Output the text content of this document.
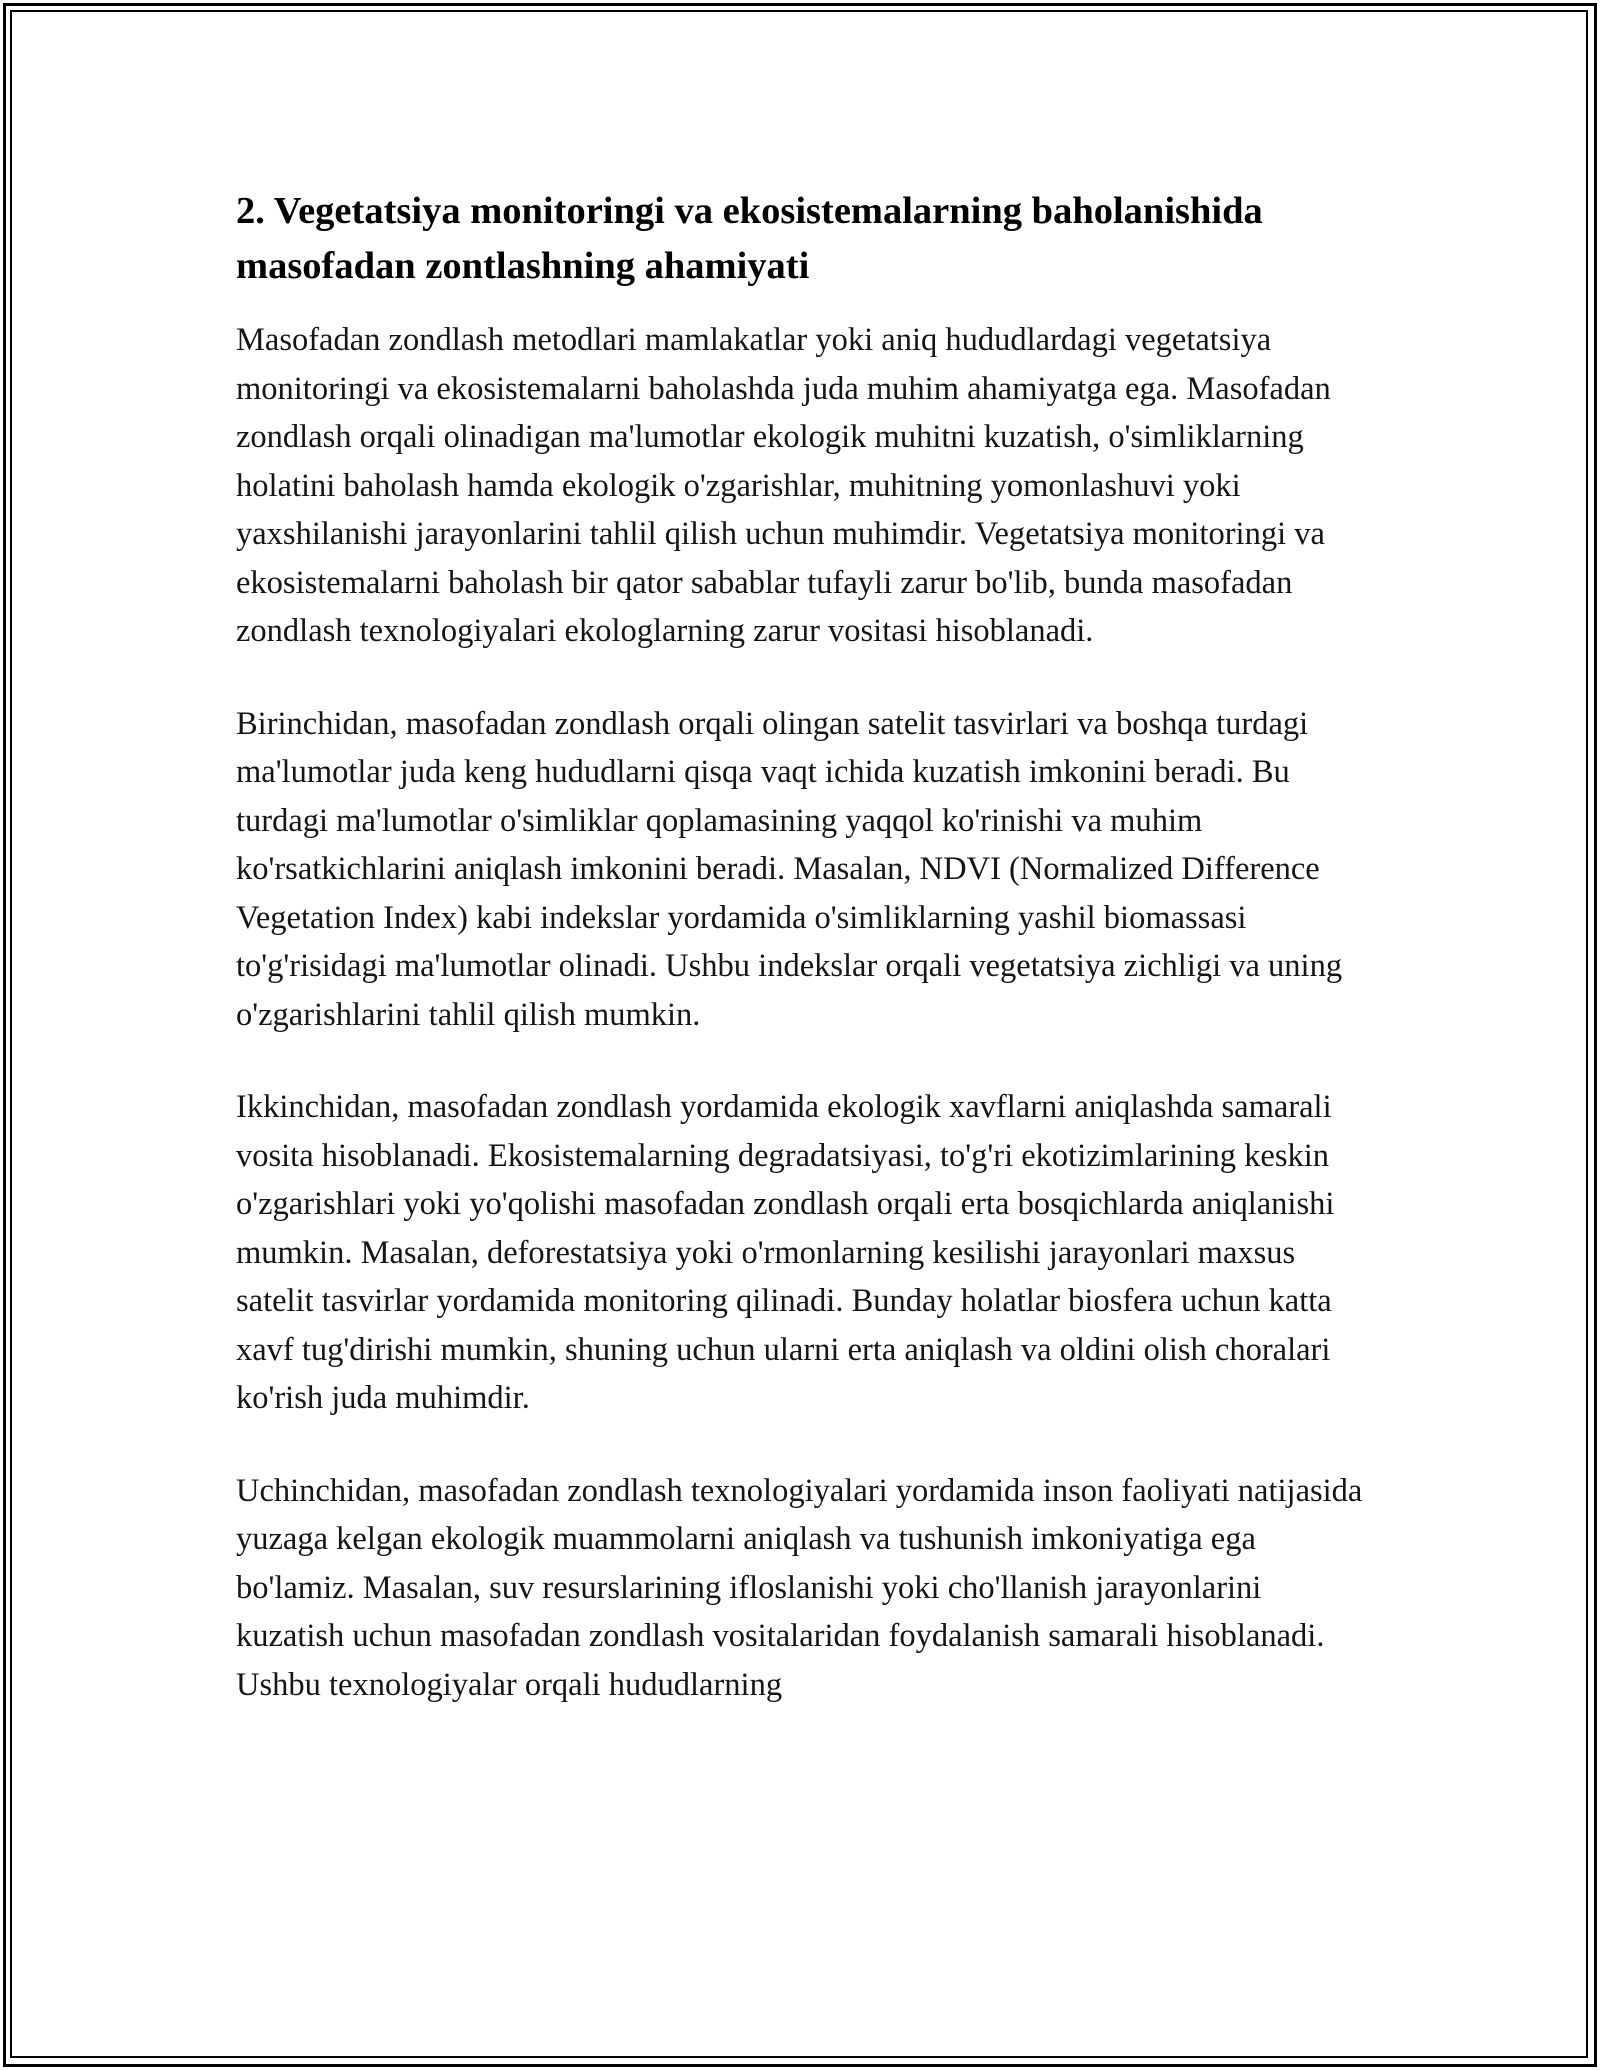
2. Vegetatsiya monitoringi va ekosistemalarning baholanishida masofadan zontlashning ahamiyati

Masofadan zondlash metodlari mamlakatlar yoki aniq hududlardagi vegetatsiya monitoringi va ekosistemalarni baholashda juda muhim ahamiyatga ega. Masofadan zondlash orqali olinadigan ma'lumotlar ekologik muhitni kuzatish, o'simliklarning holatini baholash hamda ekologik o'zgarishlar, muhitning yomonlashuvi yoki yaxshilanishi jarayonlarini tahlil qilish uchun muhimdir. Vegetatsiya monitoringi va ekosistemalarni baholash bir qator sabablar tufayli zarur bo'lib, bunda masofadan zondlash texnologiyalari ekologlarning zarur vositasi hisoblanadi.

Birinchidan, masofadan zondlash orqali olingan satelit tasvirlari va boshqa turdagi ma'lumotlar juda keng hududlarni qisqa vaqt ichida kuzatish imkonini beradi. Bu turdagi ma'lumotlar o'simliklar qoplamasining yaqqol ko'rinishi va muhim ko'rsatkichlarini aniqlash imkonini beradi. Masalan, NDVI (Normalized Difference Vegetation Index) kabi indekslar yordamida o'simliklarning yashil biomassasi to'g'risidagi ma'lumotlar olinadi. Ushbu indekslar orqali vegetatsiya zichligi va uning o'zgarishlarini tahlil qilish mumkin.

Ikkinchidan, masofadan zondlash yordamida ekologik xavflarni aniqlashda samarali vosita hisoblanadi. Ekosistemalarning degradatsiyasi, to'g'ri ekotizimlarining keskin o'zgarishlari yoki yo'qolishi masofadan zondlash orqali erta bosqichlarda aniqlanishi mumkin. Masalan, deforestatsiya yoki o'rmonlarning kesilishi jarayonlari maxsus satelit tasvirlar yordamida monitoring qilinadi. Bunday holatlar biosfera uchun katta xavf tug'dirishi mumkin, shuning uchun ularni erta aniqlash va oldini olish choralari ko'rish juda muhimdir.

Uchinchidan, masofadan zondlash texnologiyalari yordamida inson faoliyati natijasida yuzaga kelgan ekologik muammolarni aniqlash va tushunish imkoniyatiga ega bo'lamiz. Masalan, suv resurslarining ifloslanishi yoki cho'llanish jarayonlarini kuzatish uchun masofadan zondlash vositalaridan foydalanish samarali hisoblanadi. Ushbu texnologiyalar orqali hududlarning
